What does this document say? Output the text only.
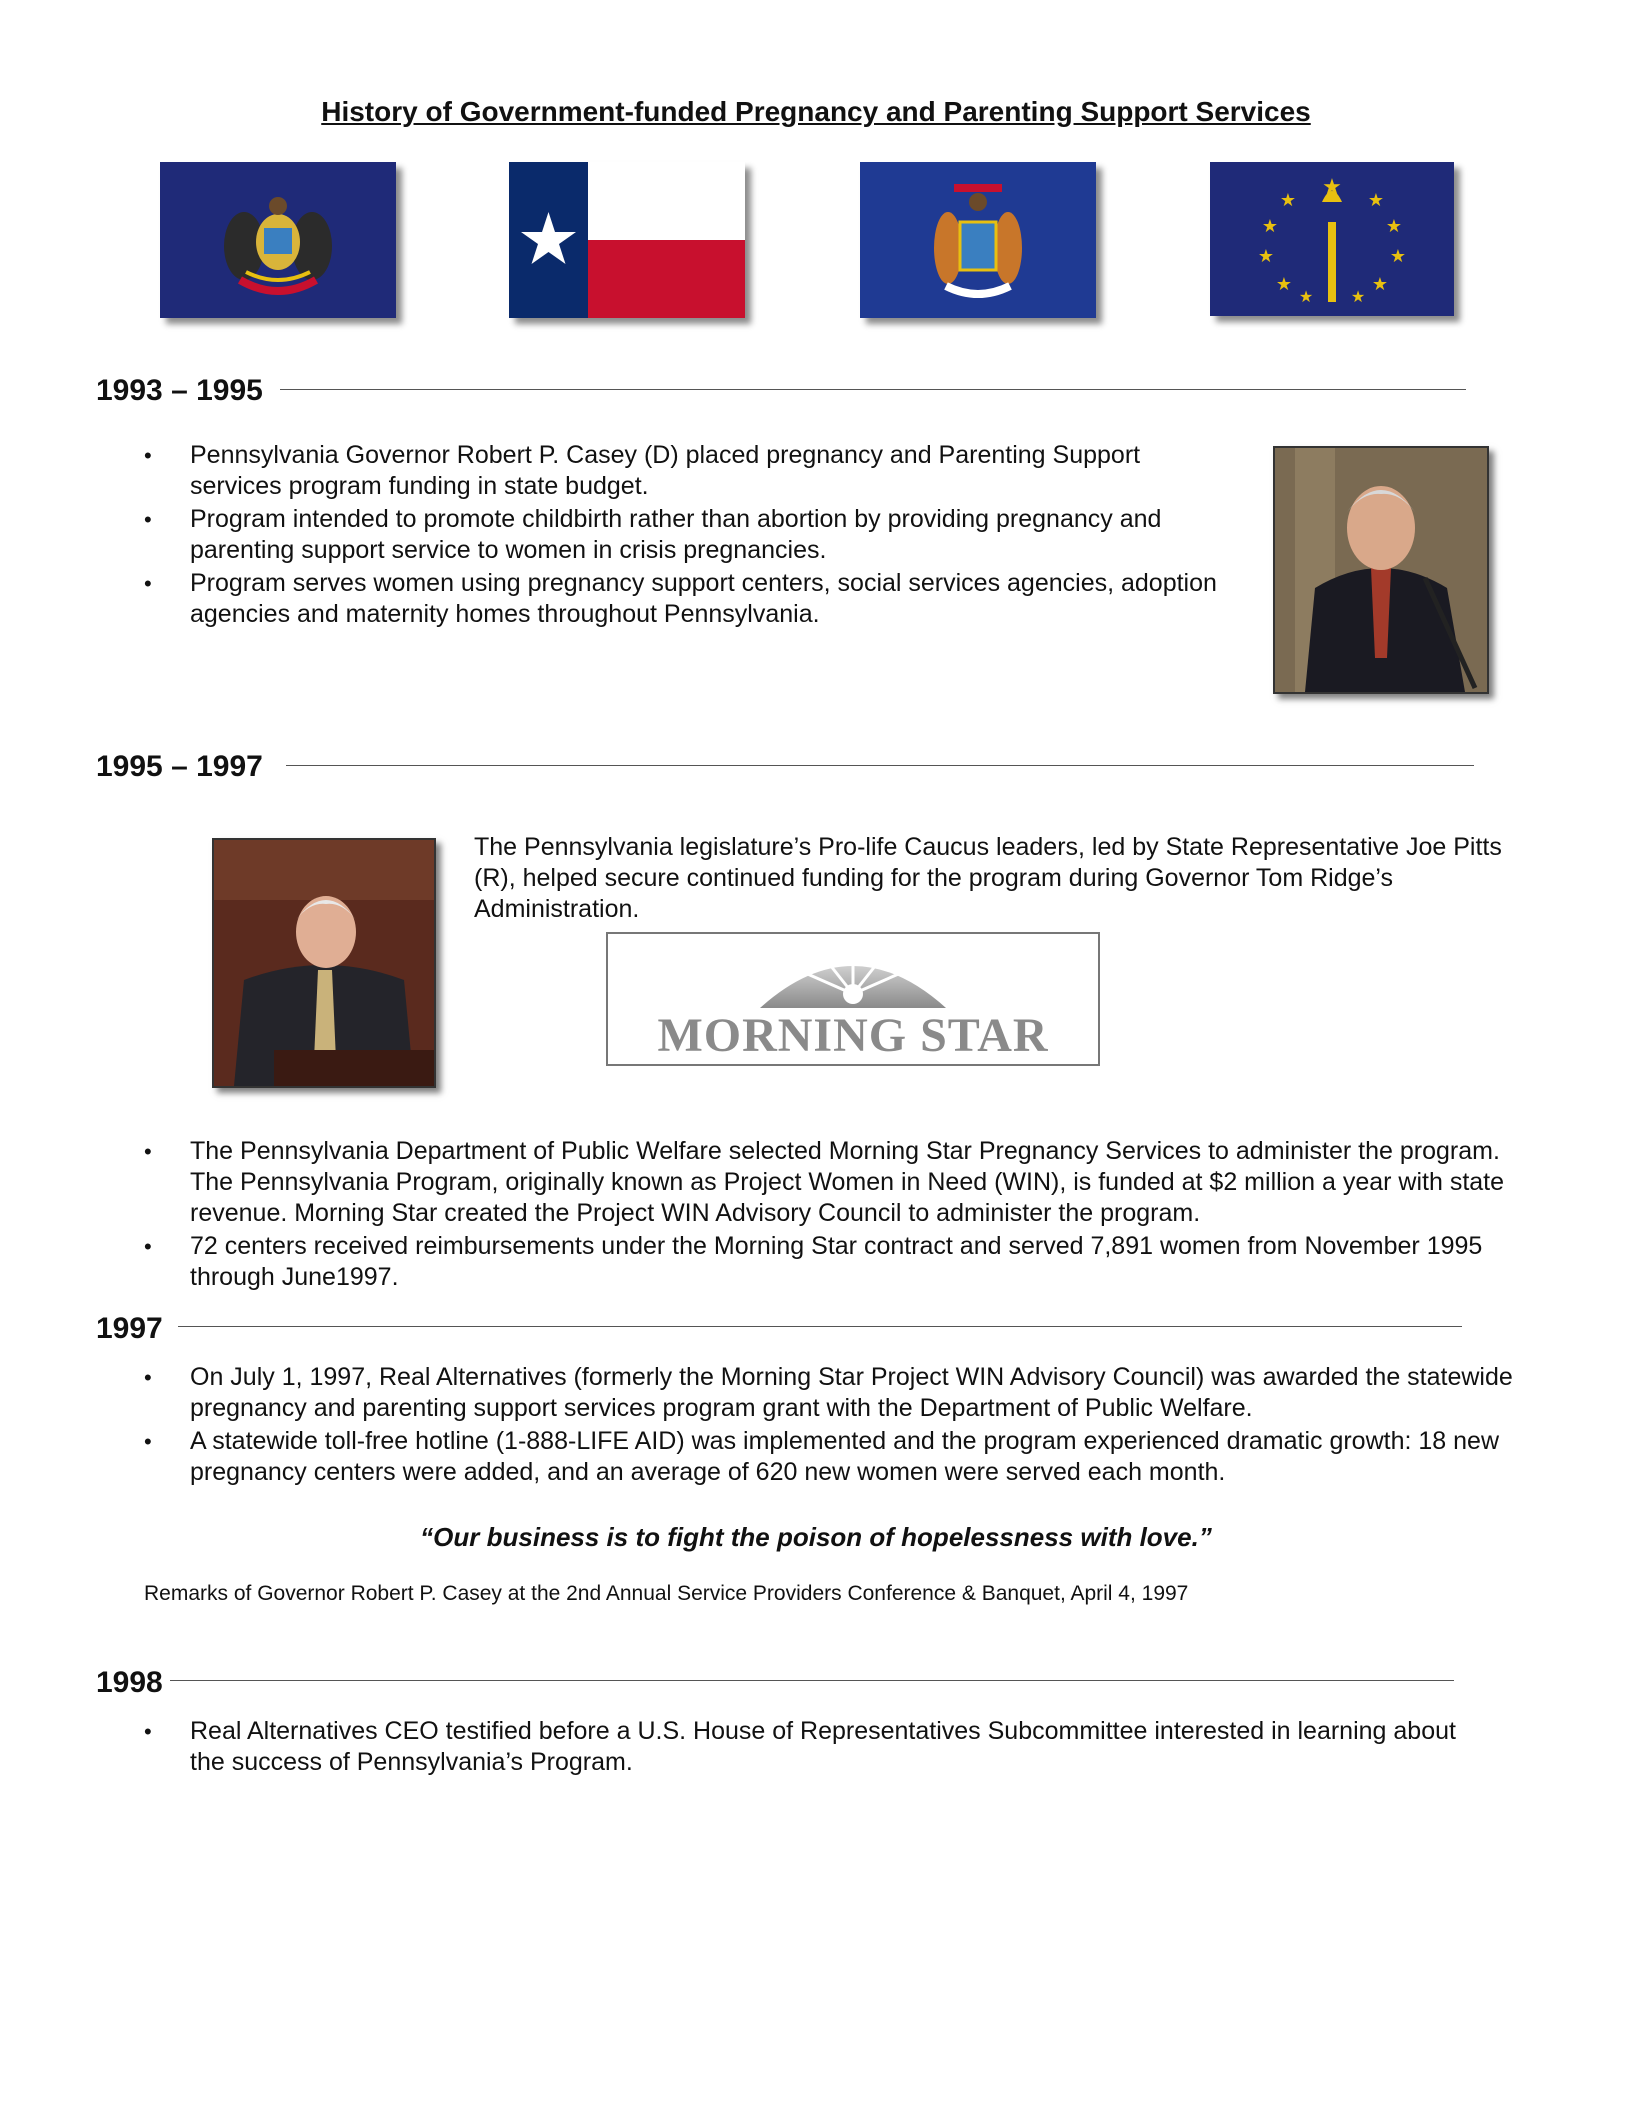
History of Government-funded Pregnancy and Parenting Support Services
★
★	★
★	★
★	★
★	★
★ ★
1993 – 1995
• Pennsylvania Governor Robert P. Casey (D) placed pregnancy and Parenting Support services program funding in state budget.
• Program intended to promote childbirth rather than abortion by providing pregnancy and parenting support service to women in crisis pregnancies.
• Program serves women using pregnancy support centers, social services agencies, adoption agencies and maternity homes throughout Pennsylvania.
1995 – 1997
The Pennsylvania legislature’s Pro-life Caucus leaders, led by State Representative Joe Pitts (R), helped secure continued funding for the program during Governor Tom Ridge’s Administration.
MORNING STAR
• The Pennsylvania Department of Public Welfare selected Morning Star Pregnancy Services to administer the program. The Pennsylvania Program, originally known as Project Women in Need (WIN), is funded at $2 million a year with state revenue. Morning Star created the Project WIN Advisory Council to administer the program.
• 72 centers received reimbursements under the Morning Star contract and served 7,891 women from November 1995 through June1997.
1997
• On July 1, 1997, Real Alternatives (formerly the Morning Star Project WIN Advisory Council) was awarded the statewide pregnancy and parenting support services program grant with the Department of Public Welfare.
• A statewide toll-free hotline (1-888-LIFE AID) was implemented and the program experienced dramatic growth: 18 new pregnancy centers were added, and an average of 620 new women were served each month.
“Our business is to fight the poison of hopelessness with love.”
Remarks of Governor Robert P. Casey at the 2nd Annual Service Providers Conference & Banquet, April 4, 1997
1998
• Real Alternatives CEO testified before a U.S. House of Representatives Subcommittee interested in learning about the success of Pennsylvania’s Program.
